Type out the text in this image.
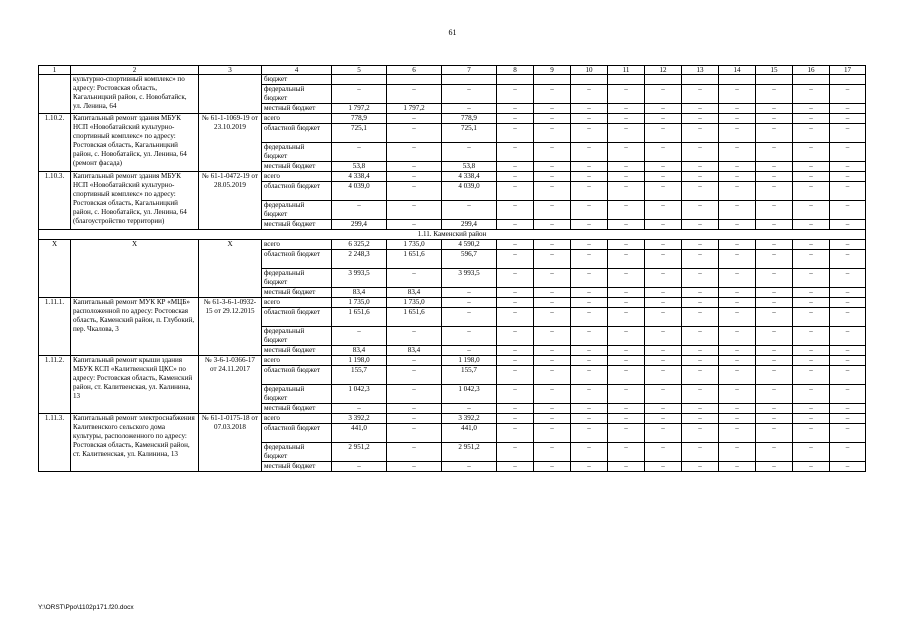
61
1	2	3	4	5	6	7	8	9	10	11	12	13	14	15	16	17
	культурно-спортивный комплекс» по адресу: Ростовская область, Кагальницкий район, с. Новобатайск, ул. Ленина, 64		бюджет													
			федеральный бюджет	–	–	–	–	–	–	–	–	–	–	–	–	–
			местный бюджет	1 797,2	1 797,2	–	–	–	–	–	–	–	–	–	–	–
1.10.2.	Капитальный ремонт здания МБУК НСП «Новобатайский культурно-спортивный комплекс» по адресу: Ростовская область, Кагальницкий район, с. Новобатайск, ул. Ленина, 64 (ремонт фасада)	№ 61-1-1069-19 от 23.10.2019	всего	778,9	–	778,9	–	–	–	–	–	–	–	–	–	–
			областной бюджет	725,1	–	725,1	–	–	–	–	–	–	–	–	–	–
			федеральный бюджет	–	–	–	–	–	–	–	–	–	–	–	–	–
			местный бюджет	53,8	–	53,8	–	–	–	–	–	–	–	–	–	–
1.10.3.	Капитальный ремонт здания МБУК НСП «Новобатайский культурно-спортивный комплекс» по адресу: Ростовская область, Кагальницкий район, с. Новобатайск, ул. Ленина, 64 (благоустройство территории)	№ 61-1-0472-19 от 28.05.2019	всего	4 338,4	–	4 338,4	–	–	–	–	–	–	–	–	–	–
			областной бюджет	4 039,0	–	4 039,0	–	–	–	–	–	–	–	–	–	–
			федеральный бюджет	–	–	–	–	–	–	–	–	–	–	–	–	–
			местный бюджет	299,4	–	299,4	–	–	–	–	–	–	–	–	–	–
1.11. Каменский район																
Х	Х	Х	всего	6 325,2	1 735,0	4 590,2	–	–	–	–	–	–	–	–	–	–
			областной бюджет	2 248,3	1 651,6	596,7	–	–	–	–	–	–	–	–	–	–
			федеральный бюджет	3 993,5	–	3 993,5	–	–	–	–	–	–	–	–	–	–
			местный бюджет	83,4	83,4	–	–	–	–	–	–	–	–	–	–	–
1.11.1.	Капитальный ремонт МУК КР «МЦБ» расположенной по адресу: Ростовская область, Каменский район, п. Глубокий, пер. Чкалова, 3	№ 61-3-6-1-0932-15 от 29.12.2015	всего	1 735,0	1 735,0	–	–	–	–	–	–	–	–	–	–	–
			областной бюджет	1 651,6	1 651,6	–	–	–	–	–	–	–	–	–	–	–
			федеральный бюджет	–	–	–	–	–	–	–	–	–	–	–	–	–
			местный бюджет	83,4	83,4	–	–	–	–	–	–	–	–	–	–	–
1.11.2.	Капитальный ремонт крыши здания МБУК КСП «Калитвенский ЦКС» по адресу: Ростовская область, Каменский район, ст. Калитвенская, ул. Калинина, 13	№ 3-6-1-0366-17 от 24.11.2017	всего	1 198,0	–	1 198,0	–	–	–	–	–	–	–	–	–	–
			областной бюджет	155,7	–	155,7	–	–	–	–	–	–	–	–	–	–
			федеральный бюджет	1 042,3	–	1 042,3	–	–	–	–	–	–	–	–	–	–
			местный бюджет	–	–	–	–	–	–	–	–	–	–	–	–	–
1.11.3.	Капитальный ремонт электроснабжения Калитвенского сельского дома культуры, расположенного по адресу: Ростовская область, Каменский район, ст. Калитвенская, ул. Калинина, 13	№ 61-1-0175-18 от 07.03.2018	всего	3 392,2	–	3 392,2	–	–	–	–	–	–	–	–	–	–
			областной бюджет	441,0	–	441,0	–	–	–	–	–	–	–	–	–	–
			федеральный бюджет	2 951,2	–	2 951,2	–	–	–	–	–	–	–	–	–	–
			местный бюджет	–	–	–	–	–	–	–	–	–	–	–	–	–
Y:\ORST\Ppo\1102p171.f20.docx
